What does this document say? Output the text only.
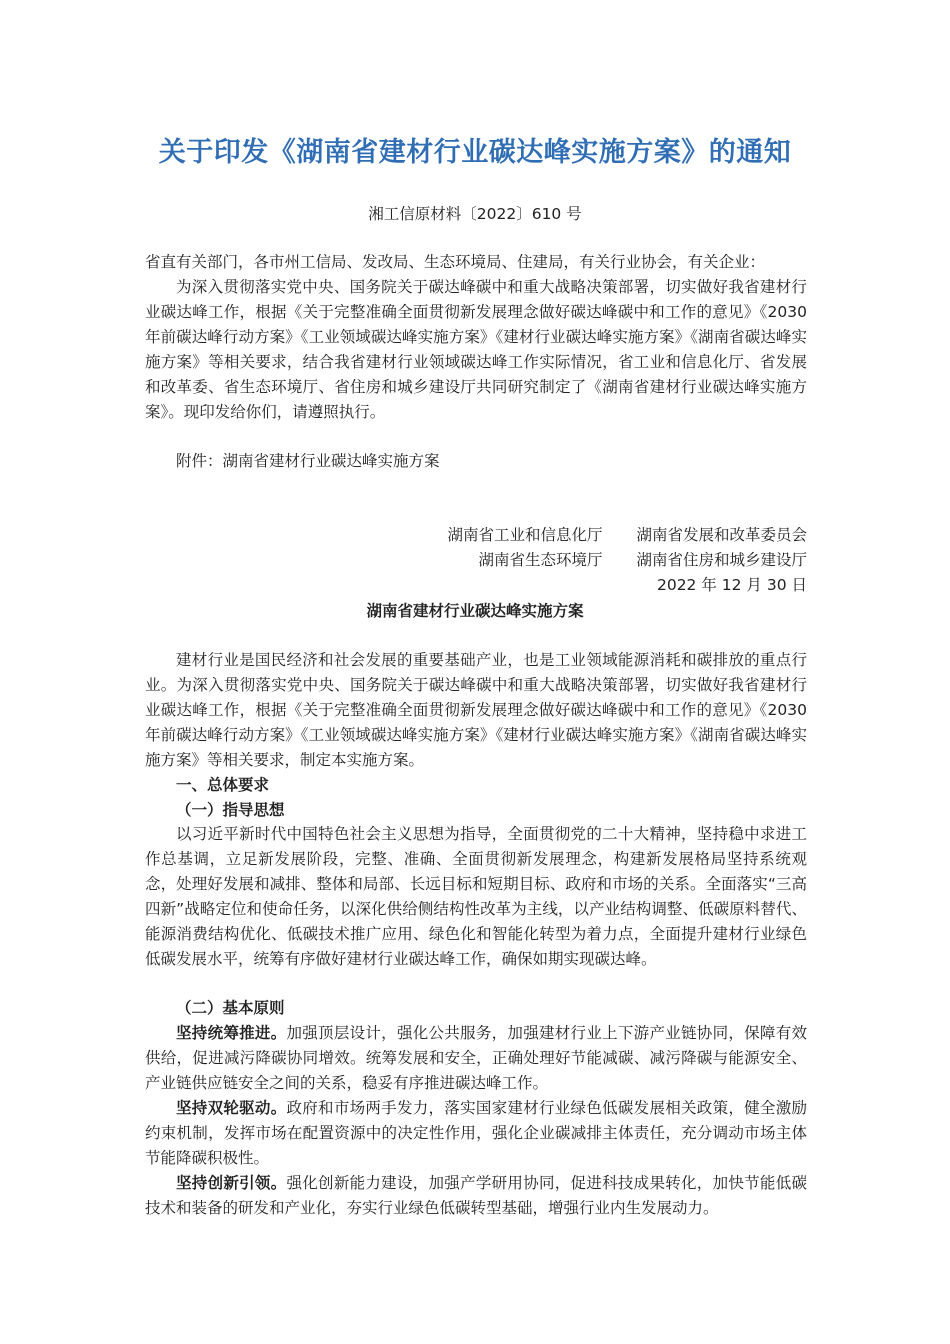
关于印发《湖南省建材行业碳达峰实施方案》的通知

湘工信原材料〔2022〕610 号

省直有关部门，各市州工信局、发改局、生态环境局、住建局，有关行业协会，有关企业：

为深入贯彻落实党中央、国务院关于碳达峰碳中和重大战略决策部署，切实做好我省建材行业碳达峰工作，根据《关于完整准确全面贯彻新发展理念做好碳达峰碳中和工作的意见》《2030 年前碳达峰行动方案》《工业领域碳达峰实施方案》《建材行业碳达峰实施方案》《湖南省碳达峰实施方案》等相关要求，结合我省建材行业领域碳达峰工作实际情况，省工业和信息化厅、省发展和改革委、省生态环境厅、省住房和城乡建设厅共同研究制定了《湖南省建材行业碳达峰实施方案》。现印发给你们，请遵照执行。

附件：湖南省建材行业碳达峰实施方案

湖南省工业和信息化厅 湖南省发展和改革委员会
湖南省生态环境厅 湖南省住房和城乡建设厅
2022 年 12 月 30 日

湖南省建材行业碳达峰实施方案

建材行业是国民经济和社会发展的重要基础产业，也是工业领域能源消耗和碳排放的重点行业。为深入贯彻落实党中央、国务院关于碳达峰碳中和重大战略决策部署，切实做好我省建材行业碳达峰工作，根据《关于完整准确全面贯彻新发展理念做好碳达峰碳中和工作的意见》《2030 年前碳达峰行动方案》《工业领域碳达峰实施方案》《建材行业碳达峰实施方案》《湖南省碳达峰实施方案》等相关要求，制定本实施方案。

一、总体要求

（一）指导思想

以习近平新时代中国特色社会主义思想为指导，全面贯彻党的二十大精神，坚持稳中求进工作总基调，立足新发展阶段，完整、准确、全面贯彻新发展理念，构建新发展格局坚持系统观念，处理好发展和减排、整体和局部、长远目标和短期目标、政府和市场的关系。全面落实“三高四新”战略定位和使命任务，以深化供给侧结构性改革为主线，以产业结构调整、低碳原料替代、能源消费结构优化、低碳技术推广应用、绿色化和智能化转型为着力点，全面提升建材行业绿色低碳发展水平，统筹有序做好建材行业碳达峰工作，确保如期实现碳达峰。

（二）基本原则

坚持统筹推进。加强顶层设计，强化公共服务，加强建材行业上下游产业链协同，保障有效供给，促进减污降碳协同增效。统筹发展和安全，正确处理好节能减碳、减污降碳与能源安全、产业链供应链安全之间的关系，稳妥有序推进碳达峰工作。

坚持双轮驱动。政府和市场两手发力，落实国家建材行业绿色低碳发展相关政策，健全激励约束机制，发挥市场在配置资源中的决定性作用，强化企业碳减排主体责任，充分调动市场主体节能降碳积极性。

坚持创新引领。强化创新能力建设，加强产学研用协同，促进科技成果转化，加快节能低碳技术和装备的研发和产业化，夯实行业绿色低碳转型基础，增强行业内生发展动力。
